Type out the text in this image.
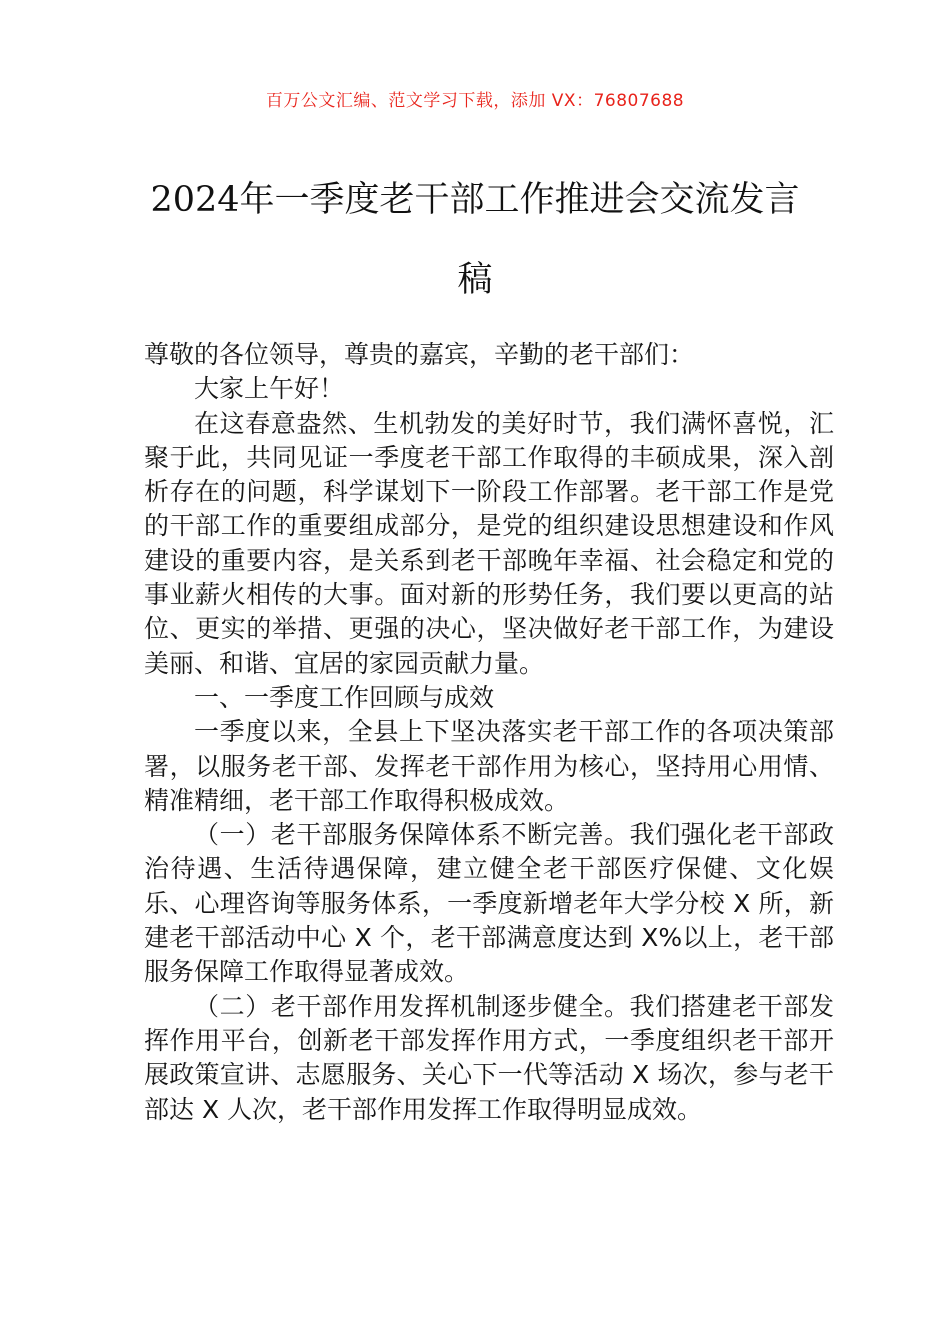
百万公文汇编、范文学习下载，添加 VX：76807688
2024年一季度老干部工作推进会交流发言稿

尊敬的各位领导，尊贵的嘉宾，辛勤的老干部们：

大家上午好！

在这春意盎然、生机勃发的美好时节，我们满怀喜悦，汇聚于此，共同见证一季度老干部工作取得的丰硕成果，深入剖析存在的问题，科学谋划下一阶段工作部署。老干部工作是党的干部工作的重要组成部分，是党的组织建设思想建设和作风建设的重要内容，是关系到老干部晚年幸福、社会稳定和党的事业薪火相传的大事。面对新的形势任务，我们要以更高的站位、更实的举措、更强的决心，坚决做好老干部工作，为建设美丽、和谐、宜居的家园贡献力量。

一、一季度工作回顾与成效

一季度以来，全县上下坚决落实老干部工作的各项决策部署，以服务老干部、发挥老干部作用为核心，坚持用心用情、精准精细，老干部工作取得积极成效。

（一）老干部服务保障体系不断完善。我们强化老干部政治待遇、生活待遇保障，建立健全老干部医疗保健、文化娱乐、心理咨询等服务体系，一季度新增老年大学分校 X 所，新建老干部活动中心 X 个，老干部满意度达到 X%以上，老干部服务保障工作取得显著成效。

（二）老干部作用发挥机制逐步健全。我们搭建老干部发挥作用平台，创新老干部发挥作用方式，一季度组织老干部开展政策宣讲、志愿服务、关心下一代等活动 X 场次，参与老干部达 X 人次，老干部作用发挥工作取得明显成效。
